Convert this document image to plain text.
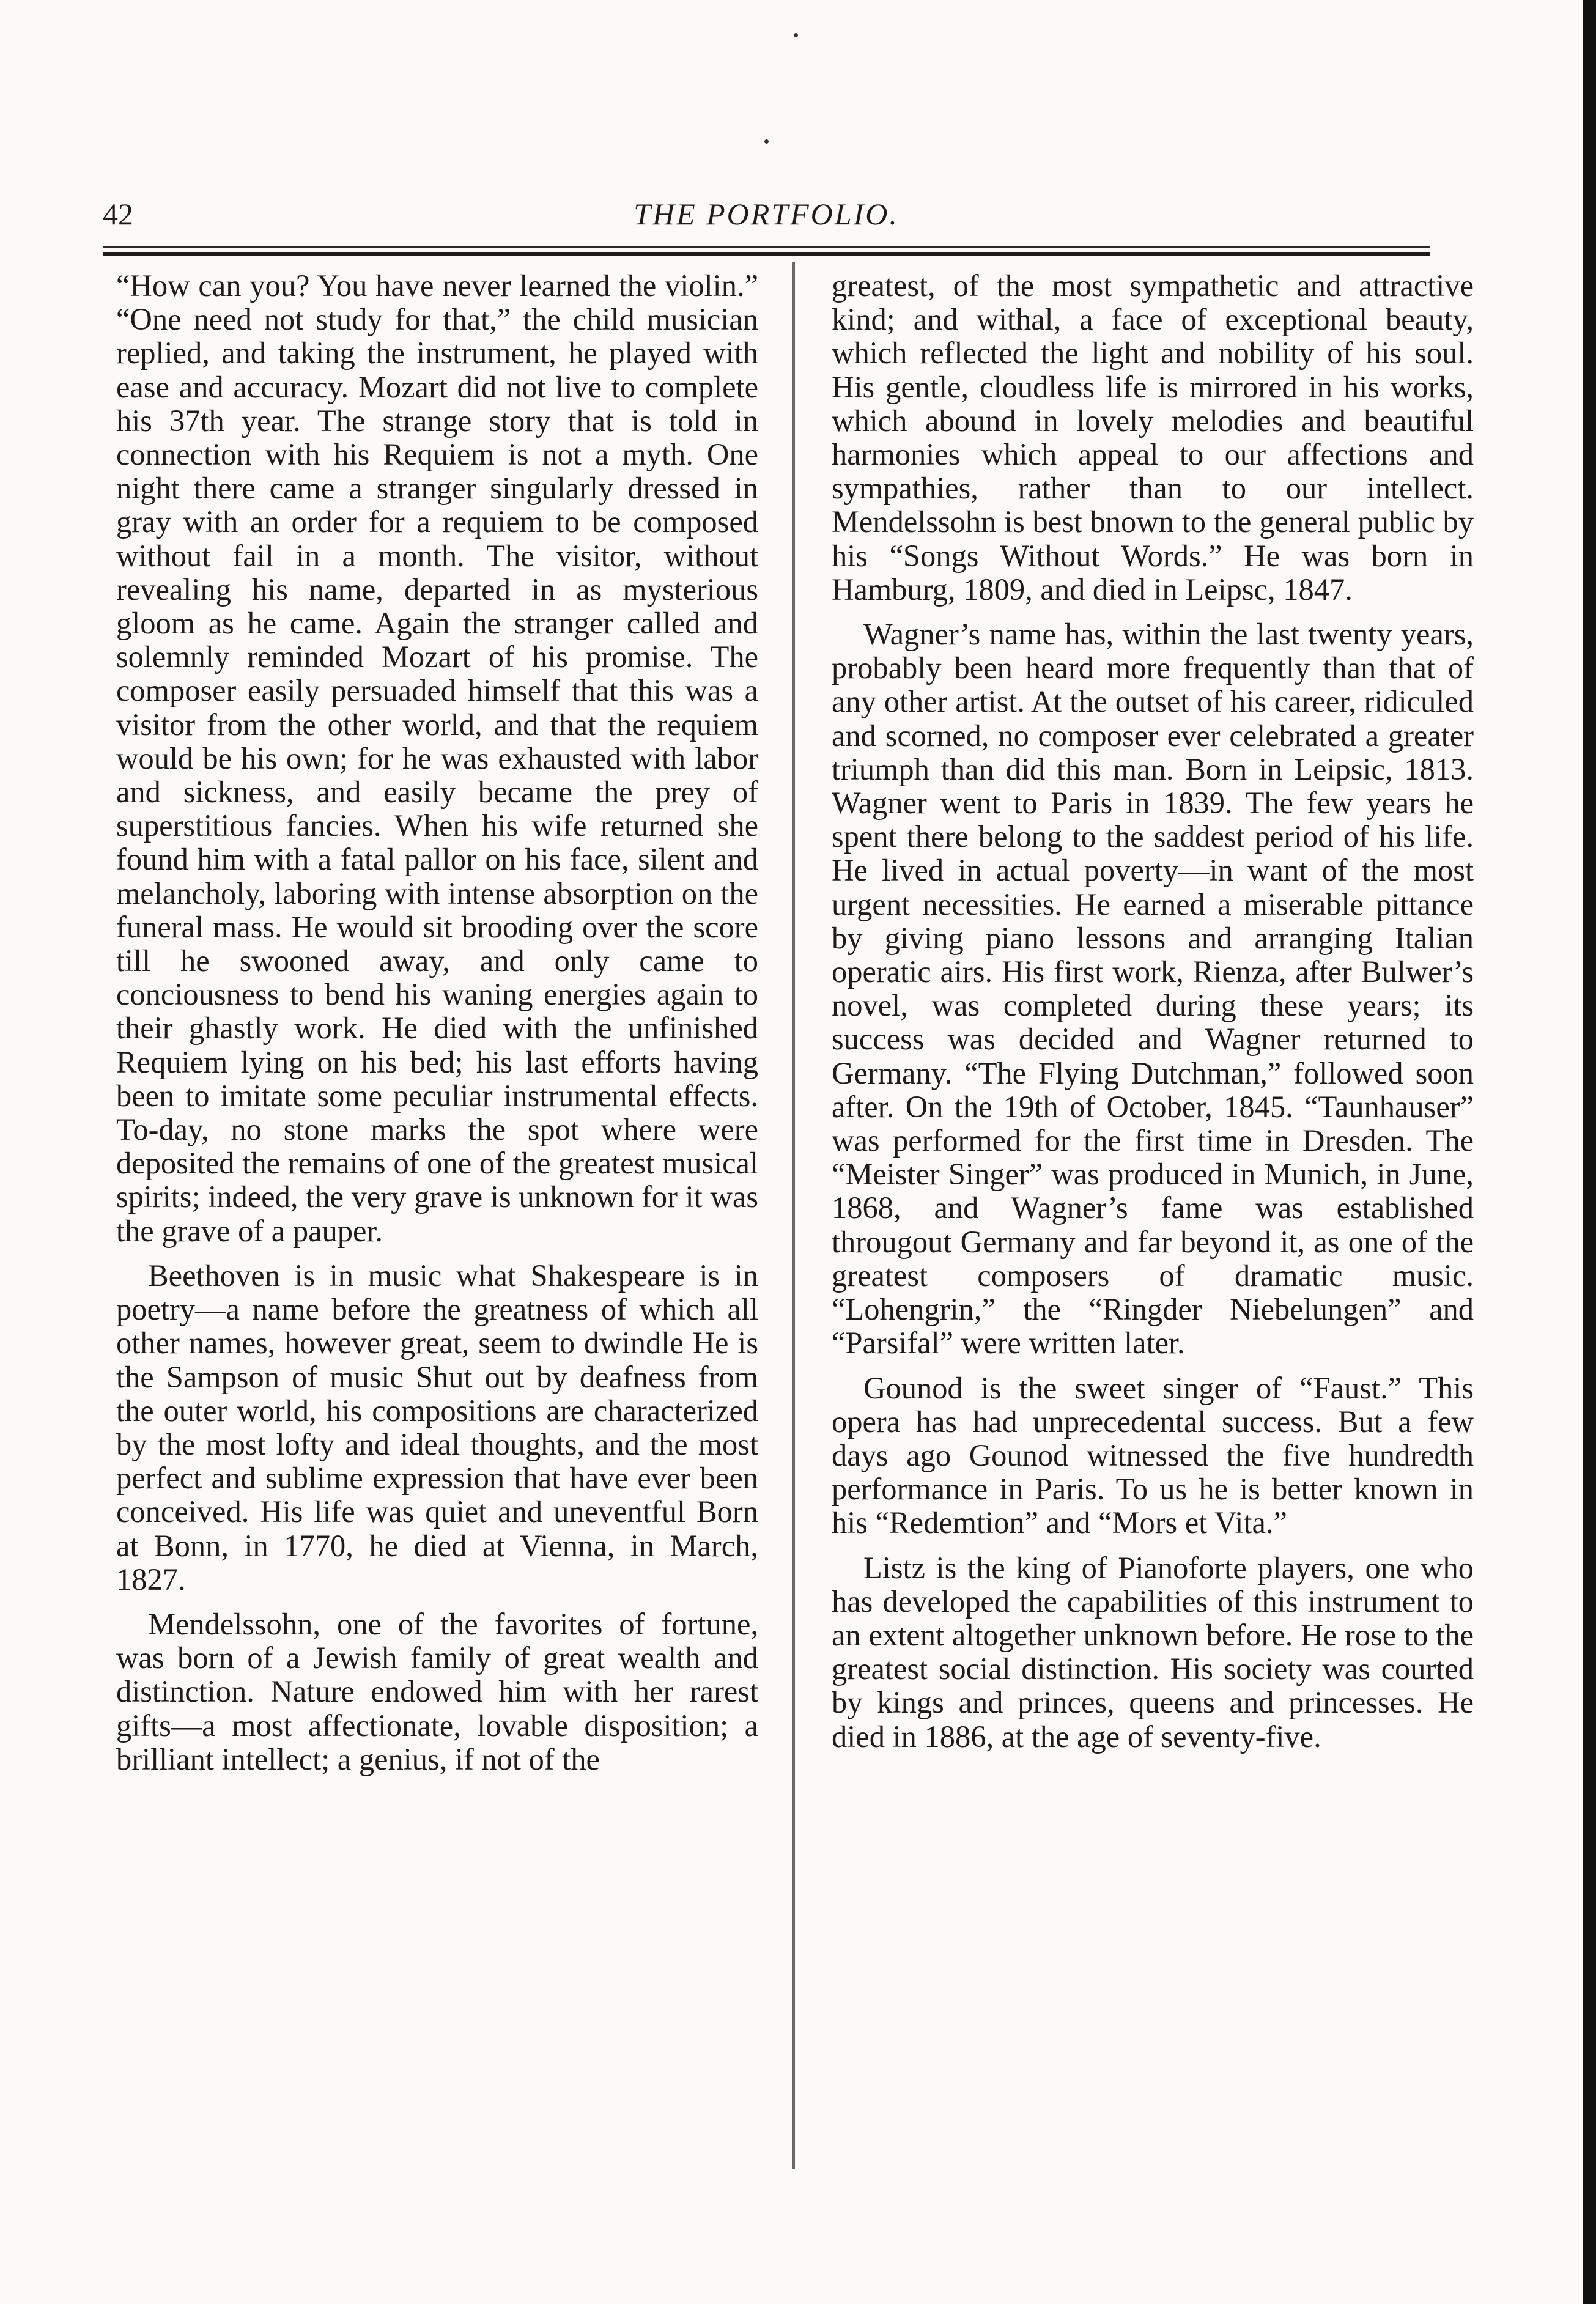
42	THE PORTFOLIO.

“How can you? You have never learned the violin.” “One need not study for that,” the child musician replied, and taking the instrument, he played with ease and accuracy. Mozart did not live to complete his 37th year. The strange story that is told in connection with his Requiem is not a myth. One night there came a stranger singularly dressed in gray with an order for a requiem to be composed without fail in a month. The visitor, without revealing his name, departed in as mysterious gloom as he came. Again the stranger called and solemnly reminded Mozart of his promise. The composer easily persuaded himself that this was a visitor from the other world, and that the requiem would be his own; for he was exhausted with labor and sickness, and easily became the prey of superstitious fancies. When his wife returned she found him with a fatal pallor on his face, silent and melancholy, laboring with intense absorption on the funeral mass. He would sit brooding over the score till he swooned away, and only came to conciousness to bend his waning energies again to their ghastly work. He died with the unfinished Requiem lying on his bed; his last efforts having been to imitate some peculiar instrumental effects. To-day, no stone marks the spot where were deposited the remains of one of the greatest musical spirits; indeed, the very grave is unknown for it was the grave of a pauper.

Beethoven is in music what Shakespeare is in poetry—a name before the greatness of which all other names, however great, seem to dwindle He is the Sampson of music Shut out by deafness from the outer world, his compositions are characterized by the most lofty and ideal thoughts, and the most perfect and sublime expression that have ever been conceived. His life was quiet and uneventful Born at Bonn, in 1770, he died at Vienna, in March, 1827.

Mendelssohn, one of the favorites of fortune, was born of a Jewish family of great wealth and distinction. Nature endowed him with her rarest gifts—a most affectionate, lovable disposition; a brilliant intellect; a genius, if not of the

greatest, of the most sympathetic and attractive kind; and withal, a face of exceptional beauty, which reflected the light and nobility of his soul. His gentle, cloudless life is mirrored in his works, which abound in lovely melodies and beautiful harmonies which appeal to our affections and sympathies, rather than to our intellect. Mendelssohn is best bnown to the general public by his “Songs Without Words.” He was born in Hamburg, 1809, and died in Leipsc, 1847.

Wagner’s name has, within the last twenty years, probably been heard more frequently than that of any other artist. At the outset of his career, ridiculed and scorned, no composer ever celebrated a greater triumph than did this man. Born in Leipsic, 1813. Wagner went to Paris in 1839. The few years he spent there belong to the saddest period of his life. He lived in actual poverty—in want of the most urgent necessities. He earned a miserable pittance by giving piano lessons and arranging Italian operatic airs. His first work, Rienza, after Bulwer’s novel, was completed during these years; its success was decided and Wagner returned to Germany. “The Flying Dutchman,” followed soon after. On the 19th of October, 1845. “Taunhauser” was performed for the first time in Dresden. The “Meister Singer” was produced in Munich, in June, 1868, and Wagner’s fame was established througout Germany and far beyond it, as one of the greatest composers of dramatic music. “Lohengrin,” the “Ringder Niebelungen” and “Parsifal” were written later.

Gounod is the sweet singer of “Faust.” This opera has had unprecedental success. But a few days ago Gounod witnessed the five hundredth performance in Paris. To us he is better known in his “Redemtion” and “Mors et Vita.”

Listz is the king of Pianoforte players, one who has developed the capabilities of this instrument to an extent altogether unknown before. He rose to the greatest social distinction. His society was courted by kings and princes, queens and princesses. He died in 1886, at the age of seventy-five.
